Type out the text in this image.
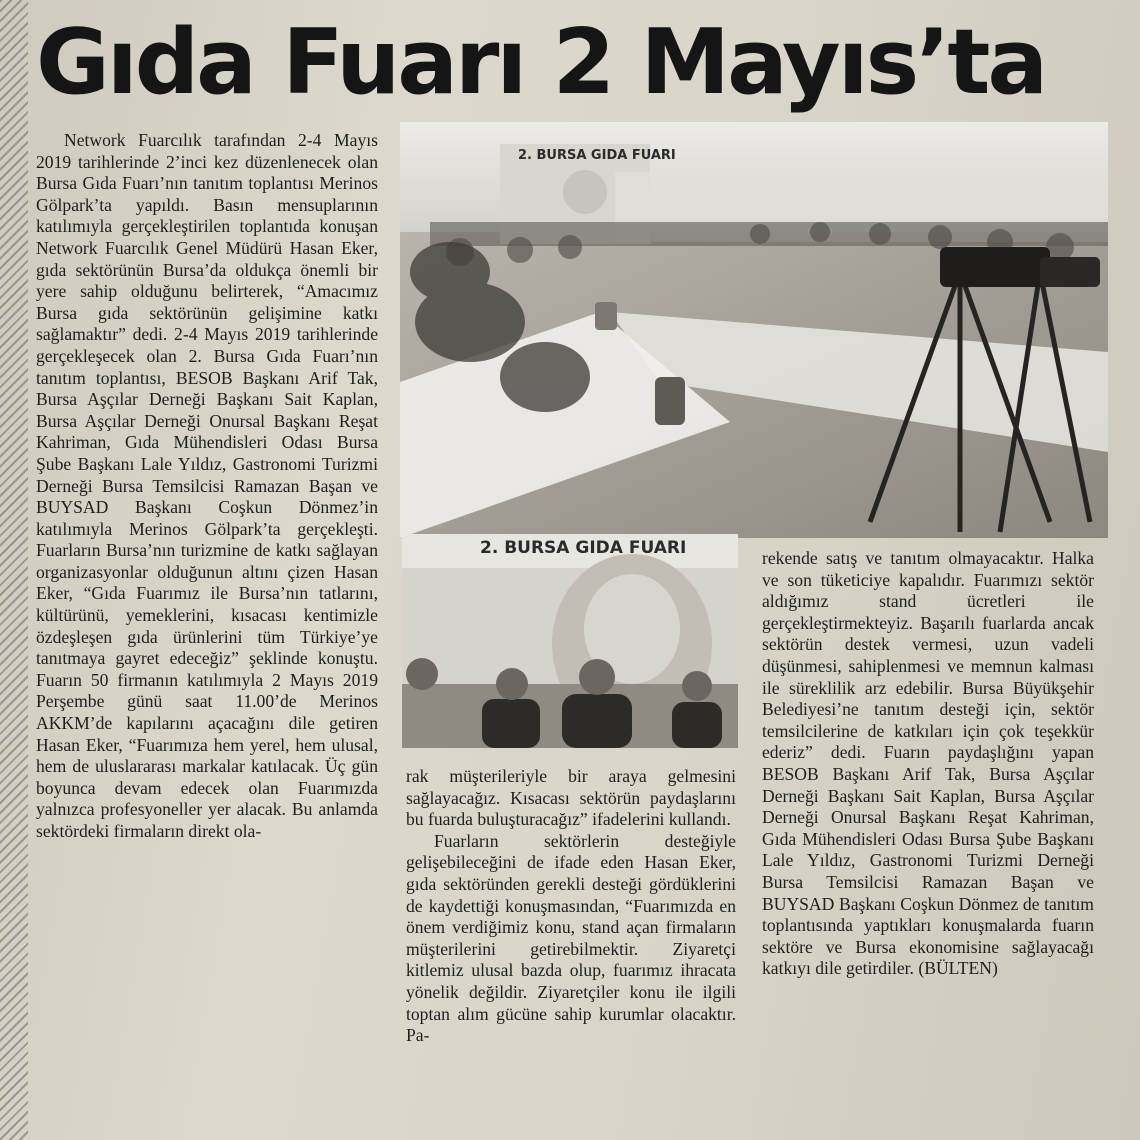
Gıda Fuarı 2 Mayıs’ta

Network Fuarcılık tarafından 2-4 Mayıs 2019 tarihlerinde 2’inci kez düzenlenecek olan Bursa Gıda Fuarı’nın tanıtım toplantısı Merinos Gölpark’ta yapıldı. Basın mensuplarının katılımıyla gerçekleştirilen toplantıda konuşan Network Fuarcılık Genel Müdürü Hasan Eker, gıda sektörünün Bursa’da oldukça önemli bir yere sahip olduğunu belirterek, “Amacımız Bursa gıda sektörünün gelişimine katkı sağlamaktır” dedi. 2-4 Mayıs 2019 tarihlerinde gerçekleşecek olan 2. Bursa Gıda Fuarı’nın tanıtım toplantısı, BESOB Başkanı Arif Tak, Bursa Aşçılar Derneği Başkanı Sait Kaplan, Bursa Aşçılar Derneği Onursal Başkanı Reşat Kahriman, Gıda Mühendisleri Odası Bursa Şube Başkanı Lale Yıldız, Gastronomi Turizmi Derneği Bursa Temsilcisi Ramazan Başan ve BUYSAD Başkanı Coşkun Dönmez’in katılımıyla Merinos Gölpark’ta gerçekleşti. Fuarların Bursa’nın turizmine de katkı sağlayan organizasyonlar olduğunun altını çizen Hasan Eker, “Gıda Fuarımız ile Bursa’nın tatlarını, kültürünü, yemeklerini, kısacası kentimizle özdeşleşen gıda ürünlerini tüm Türkiye’ye tanıtmaya gayret edeceğiz” şeklinde konuştu. Fuarın 50 firmanın katılımıyla 2 Mayıs 2019 Perşembe günü saat 11.00’de Merinos AKKM’de kapılarını açacağını dile getiren Hasan Eker, “Fuarımıza hem yerel, hem ulusal, hem de uluslararası markalar katılacak. Üç gün boyunca devam edecek olan Fuarımızda yalnızca profesyoneller yer alacak. Bu anlamda sektördeki firmaların direkt ola-

2. BURSA GIDA FUARI
2. BURSA GIDA FUARI

rak müşterileriyle bir araya gelmesini sağlayacağız. Kısacası sektörün paydaşlarını bu fuarda buluşturacağız” ifadelerini kullandı.

Fuarların sektörlerin desteğiyle gelişebileceğini de ifade eden Hasan Eker, gıda sektöründen gerekli desteği gördüklerini de kaydettiği konuşmasından, “Fuarımızda en önem verdiğimiz konu, stand açan firmaların müşterilerini getirebilmektir. Ziyaretçi kitlemiz ulusal bazda olup, fuarımız ihracata yönelik değildir. Ziyaretçiler konu ile ilgili toptan alım gücüne sahip kurumlar olacaktır. Pa-

rekende satış ve tanıtım olmayacaktır. Halka ve son tüketiciye kapalıdır. Fuarımızı sektör aldığımız stand ücretleri ile gerçekleştirmekteyiz. Başarılı fuarlarda ancak sektörün destek vermesi, uzun vadeli düşünmesi, sahiplenmesi ve memnun kalması ile süreklilik arz edebilir. Bursa Büyükşehir Belediyesi’ne tanıtım desteği için, sektör temsilcilerine de katkıları için çok teşekkür ederiz” dedi. Fuarın paydaşlığını yapan BESOB Başkanı Arif Tak, Bursa Aşçılar Derneği Başkanı Sait Kaplan, Bursa Aşçılar Derneği Onursal Başkanı Reşat Kahriman, Gıda Mühendisleri Odası Bursa Şube Başkanı Lale Yıldız, Gastronomi Turizmi Derneği Bursa Temsilcisi Ramazan Başan ve BUYSAD Başkanı Coşkun Dönmez de tanıtım toplantısında yaptıkları konuşmalarda fuarın sektöre ve Bursa ekonomisine sağlayacağı katkıyı dile getirdiler. (BÜLTEN)
